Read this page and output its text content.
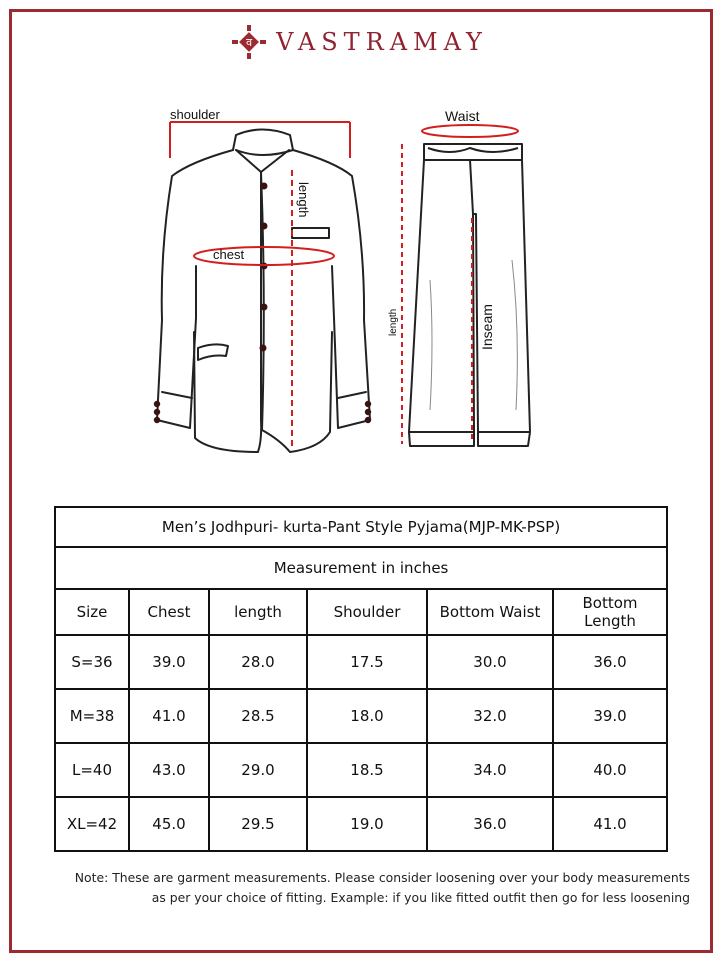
व VASTRAMAY
shoulder
chest
length
Waist
length	Inseam
Men’s Jodhpuri- kurta-Pant Style Pyjama(MJP-MK-PSP)					
Measurement in inches					
Size	Chest	length	Shoulder	Bottom Waist	Bottom Length
S=36	39.0	28.0	17.5	30.0	36.0
M=38	41.0	28.5	18.0	32.0	39.0
L=40	43.0	29.0	18.5	34.0	40.0
XL=42	45.0	29.5	19.0	36.0	41.0
Note: These are garment measurements. Please consider loosening over your body measurements
as per your choice of fitting. Example: if you like fitted outfit then go for less loosening
